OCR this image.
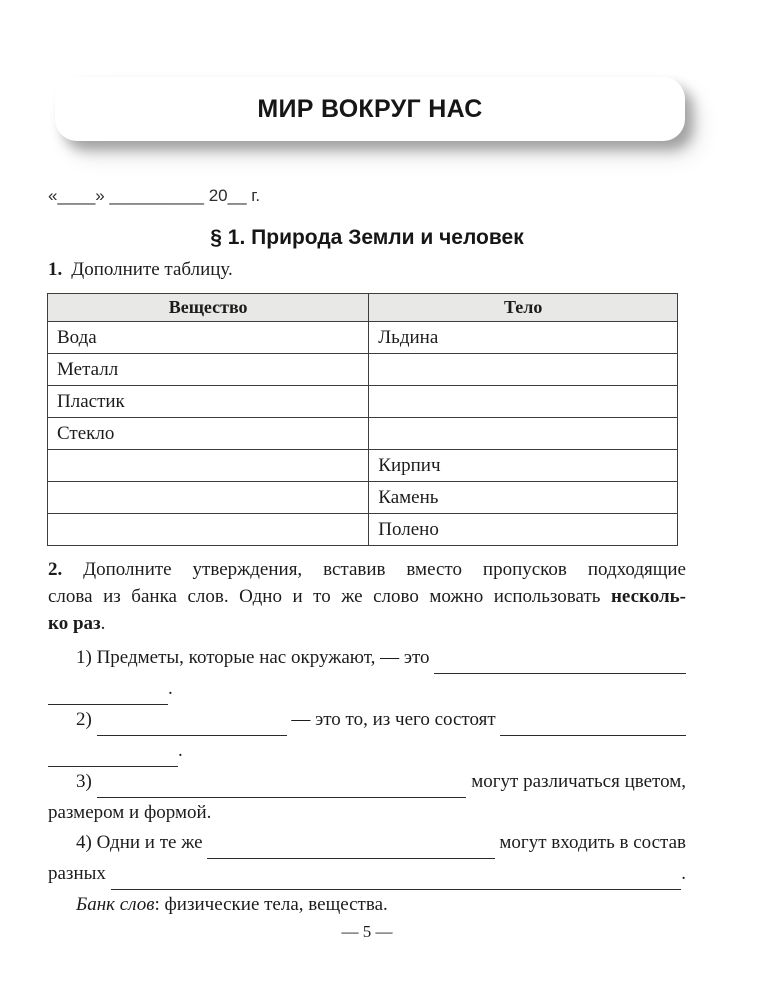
МИР ВОКРУГ НАС
«____» __________ 20__ г.
§ 1. Природа Земли и человек
1. Дополните таблицу.
Вещество	Тело
Вода	Льдина
Металл	
Пластик	
Стекло	
	Кирпич
	Камень
	Полено
2. Дополните утверждения, вставив вместо пропусков подходящие
слова из банка слов. Одно и то же слово можно использовать несколь-
ко раз.
1) Предметы, которые нас окружают, — это
.
2)	— это то, из чего состоят
.
3)	могут различаться цветом,
размером и формой.
4) Одни и те же	могут входить в состав
разных	.
Банк слов: физические тела, вещества.
— 5 —
